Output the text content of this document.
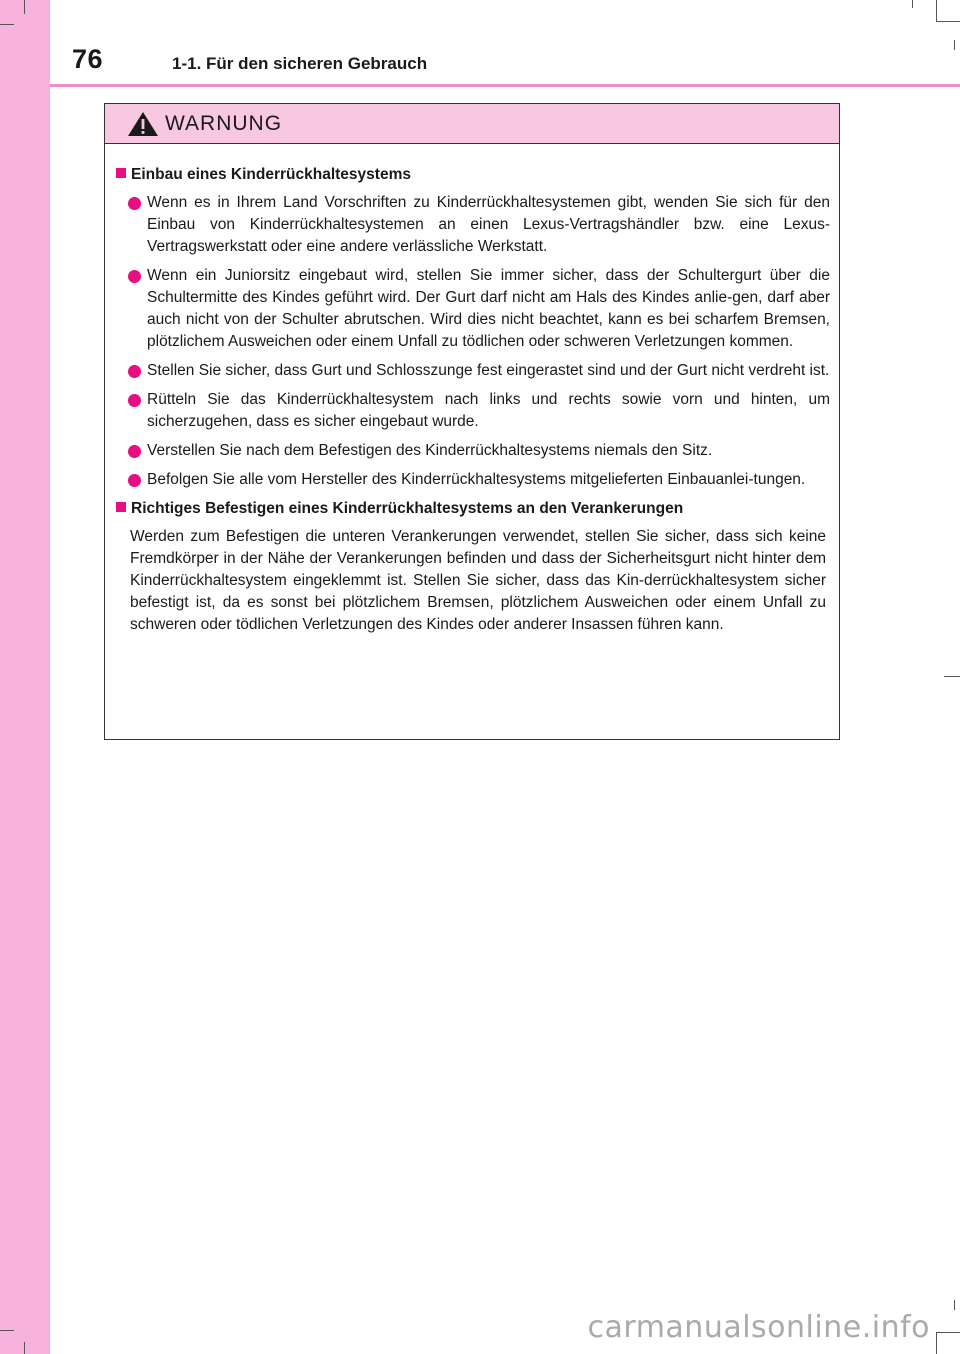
76	1-1. Für den sicheren Gebrauch
WARNUNG
Einbau eines Kinderrückhaltesystems
Wenn es in Ihrem Land Vorschriften zu Kinderrückhaltesystemen gibt, wenden Sie sich für den Einbau von Kinderrückhaltesystemen an einen Lexus-Vertragshändler bzw. eine Lexus-Vertragswerkstatt oder eine andere verlässliche Werkstatt.
Wenn ein Juniorsitz eingebaut wird, stellen Sie immer sicher, dass der Schultergurt über die Schultermitte des Kindes geführt wird. Der Gurt darf nicht am Hals des Kindes anlie-gen, darf aber auch nicht von der Schulter abrutschen. Wird dies nicht beachtet, kann es bei scharfem Bremsen, plötzlichem Ausweichen oder einem Unfall zu tödlichen oder schweren Verletzungen kommen.
Stellen Sie sicher, dass Gurt und Schlosszunge fest eingerastet sind und der Gurt nicht verdreht ist.
Rütteln Sie das Kinderrückhaltesystem nach links und rechts sowie vorn und hinten, um sicherzugehen, dass es sicher eingebaut wurde.
Verstellen Sie nach dem Befestigen des Kinderrückhaltesystems niemals den Sitz.
Befolgen Sie alle vom Hersteller des Kinderrückhaltesystems mitgelieferten Einbauanlei-tungen.
Richtiges Befestigen eines Kinderrückhaltesystems an den Verankerungen

Werden zum Befestigen die unteren Verankerungen verwendet, stellen Sie sicher, dass sich keine Fremdkörper in der Nähe der Verankerungen befinden und dass der Sicherheitsgurt nicht hinter dem Kinderrückhaltesystem eingeklemmt ist. Stellen Sie sicher, dass das Kin-derrückhaltesystem sicher befestigt ist, da es sonst bei plötzlichem Bremsen, plötzlichem Ausweichen oder einem Unfall zu schweren oder tödlichen Verletzungen des Kindes oder anderer Insassen führen kann.

carmanualsonline.info
